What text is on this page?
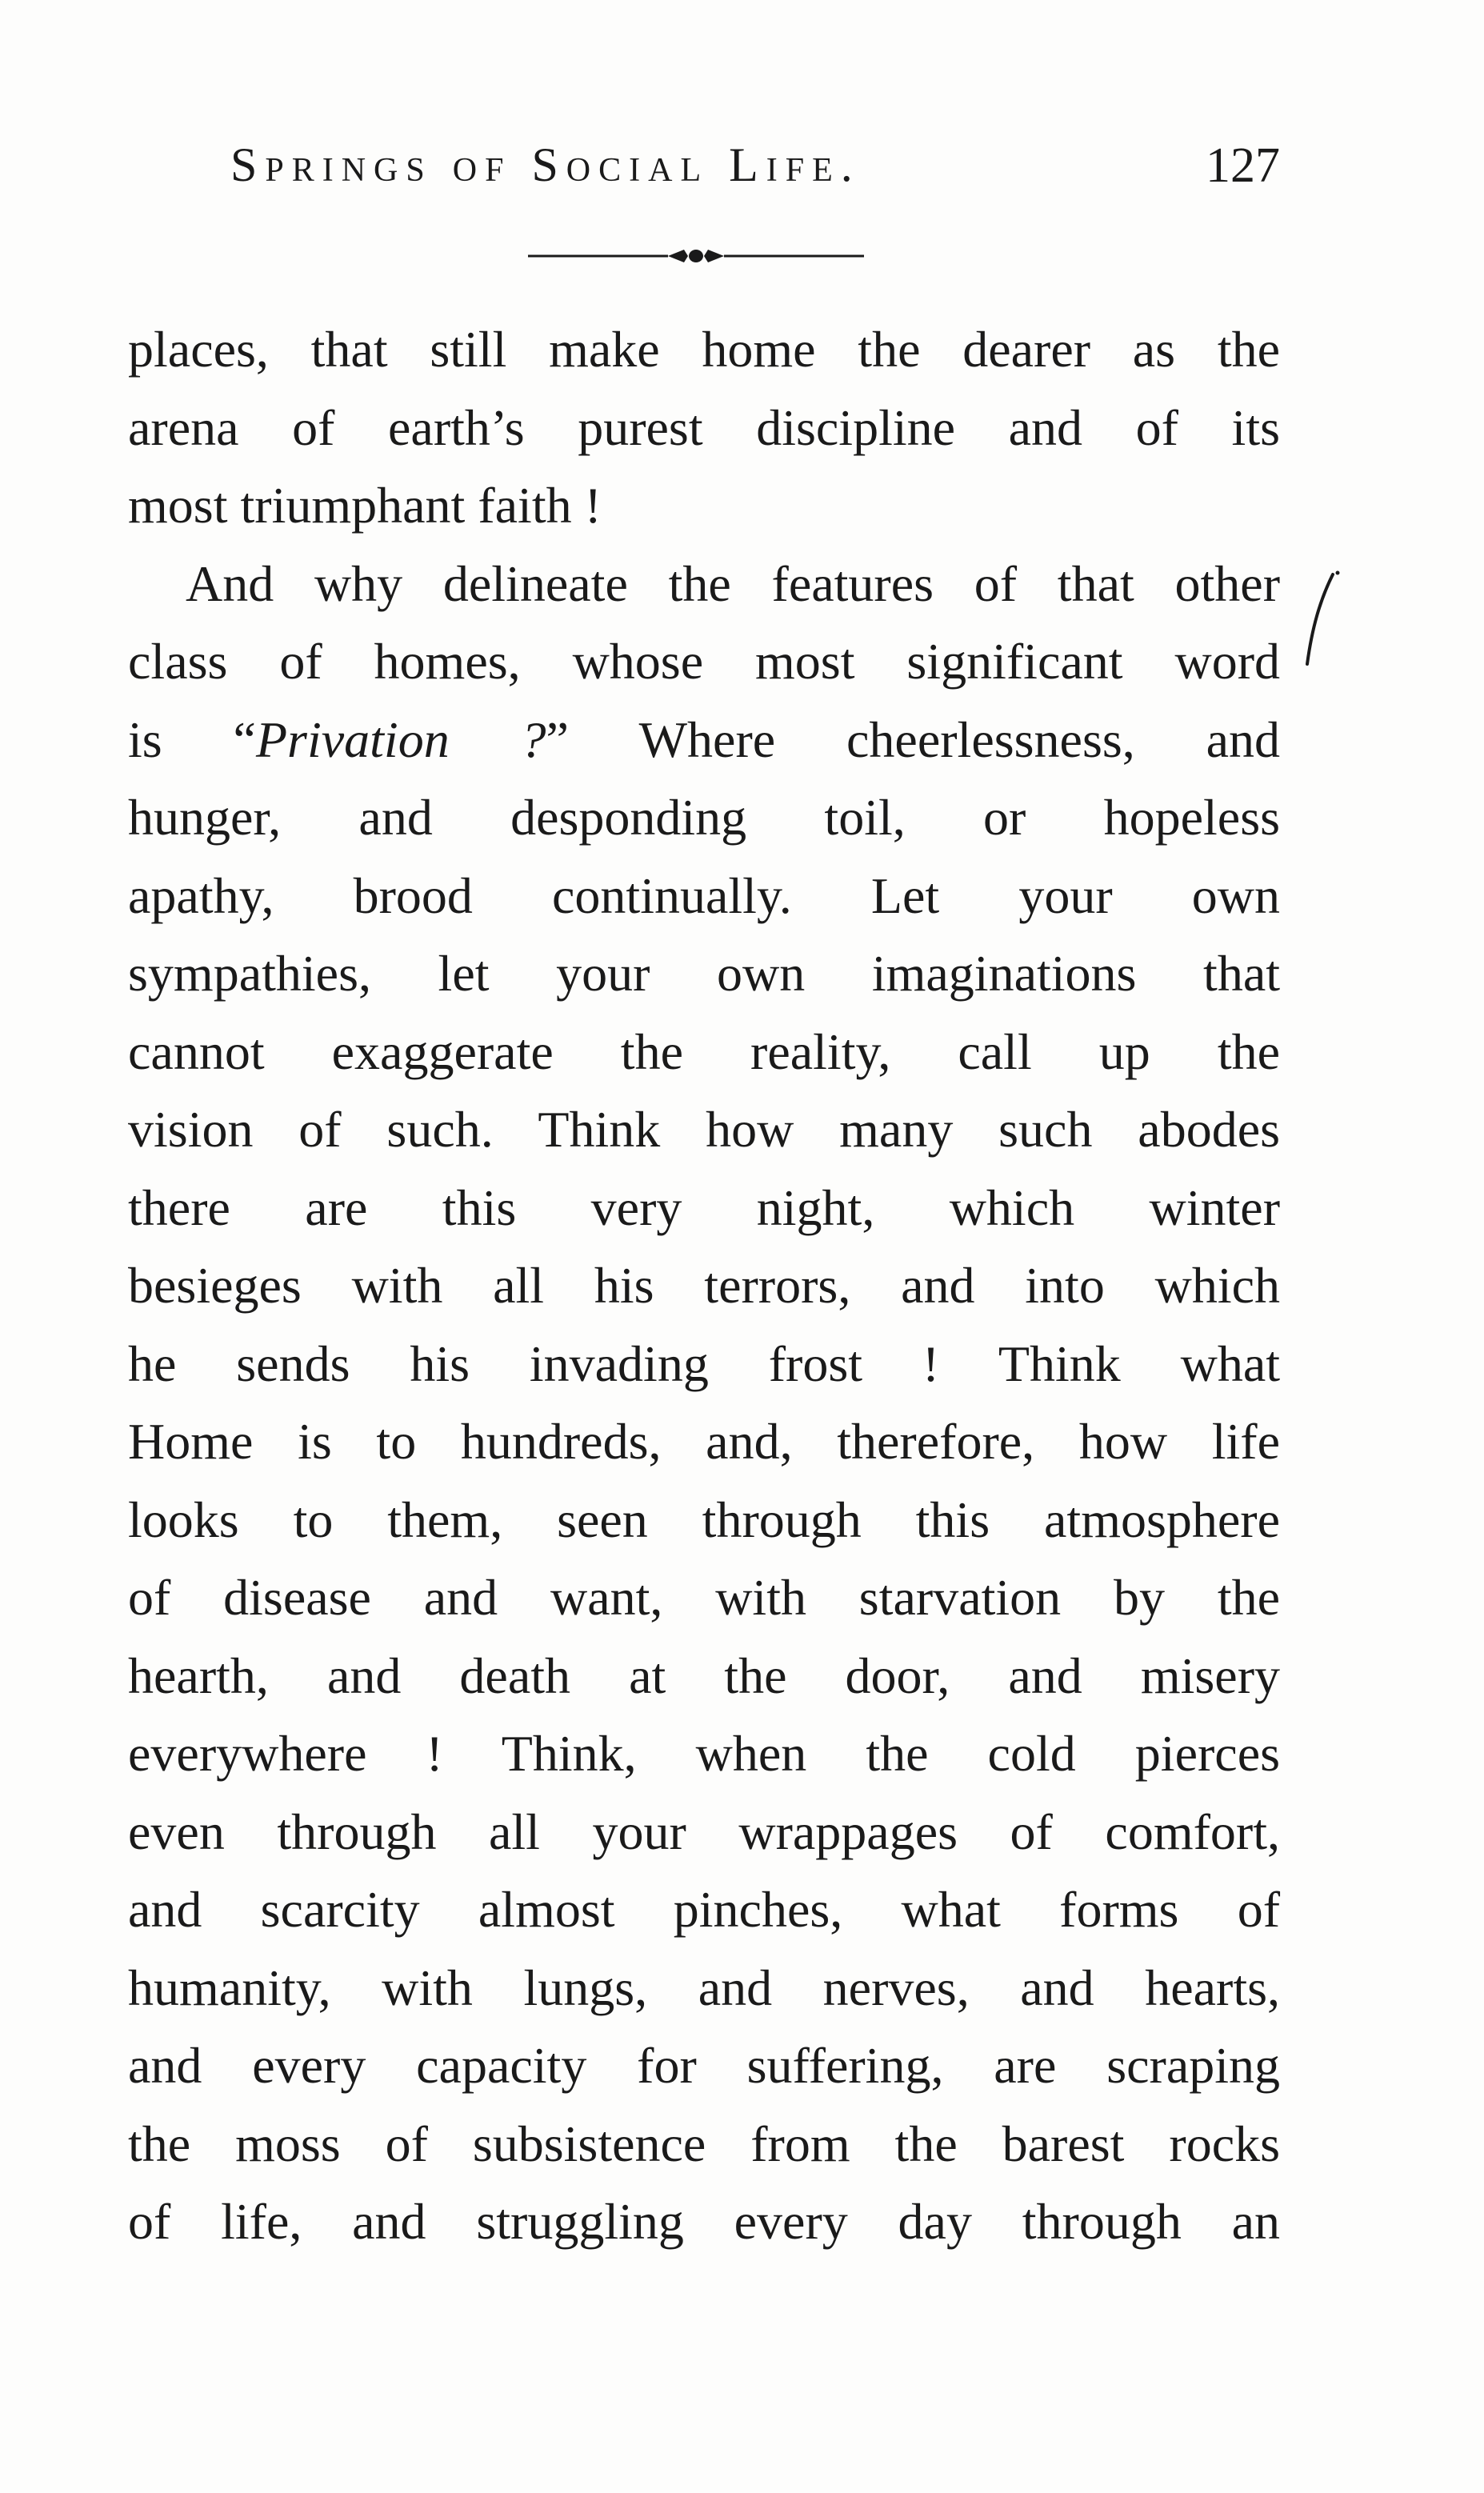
Springs of Social Life.	127
places, that still make home the dearer as the
arena of earth’s purest discipline and of its
most triumphant faith !
And why delineate the features of that other
class of homes, whose most significant word
is “Privation ?” Where cheerlessness, and
hunger, and desponding toil, or hopeless
apathy, brood continually. Let your own
sympathies, let your own imaginations that
cannot exaggerate the reality, call up the
vision of such. Think how many such abodes
there are this very night, which winter
besieges with all his terrors, and into which
he sends his invading frost ! Think what
Home is to hundreds, and, therefore, how life
looks to them, seen through this atmosphere
of disease and want, with starvation by the
hearth, and death at the door, and misery
everywhere ! Think, when the cold pierces
even through all your wrappages of comfort,
and scarcity almost pinches, what forms of
humanity, with lungs, and nerves, and hearts,
and every capacity for suffering, are scraping
the moss of subsistence from the barest rocks
of life, and struggling every day through an
